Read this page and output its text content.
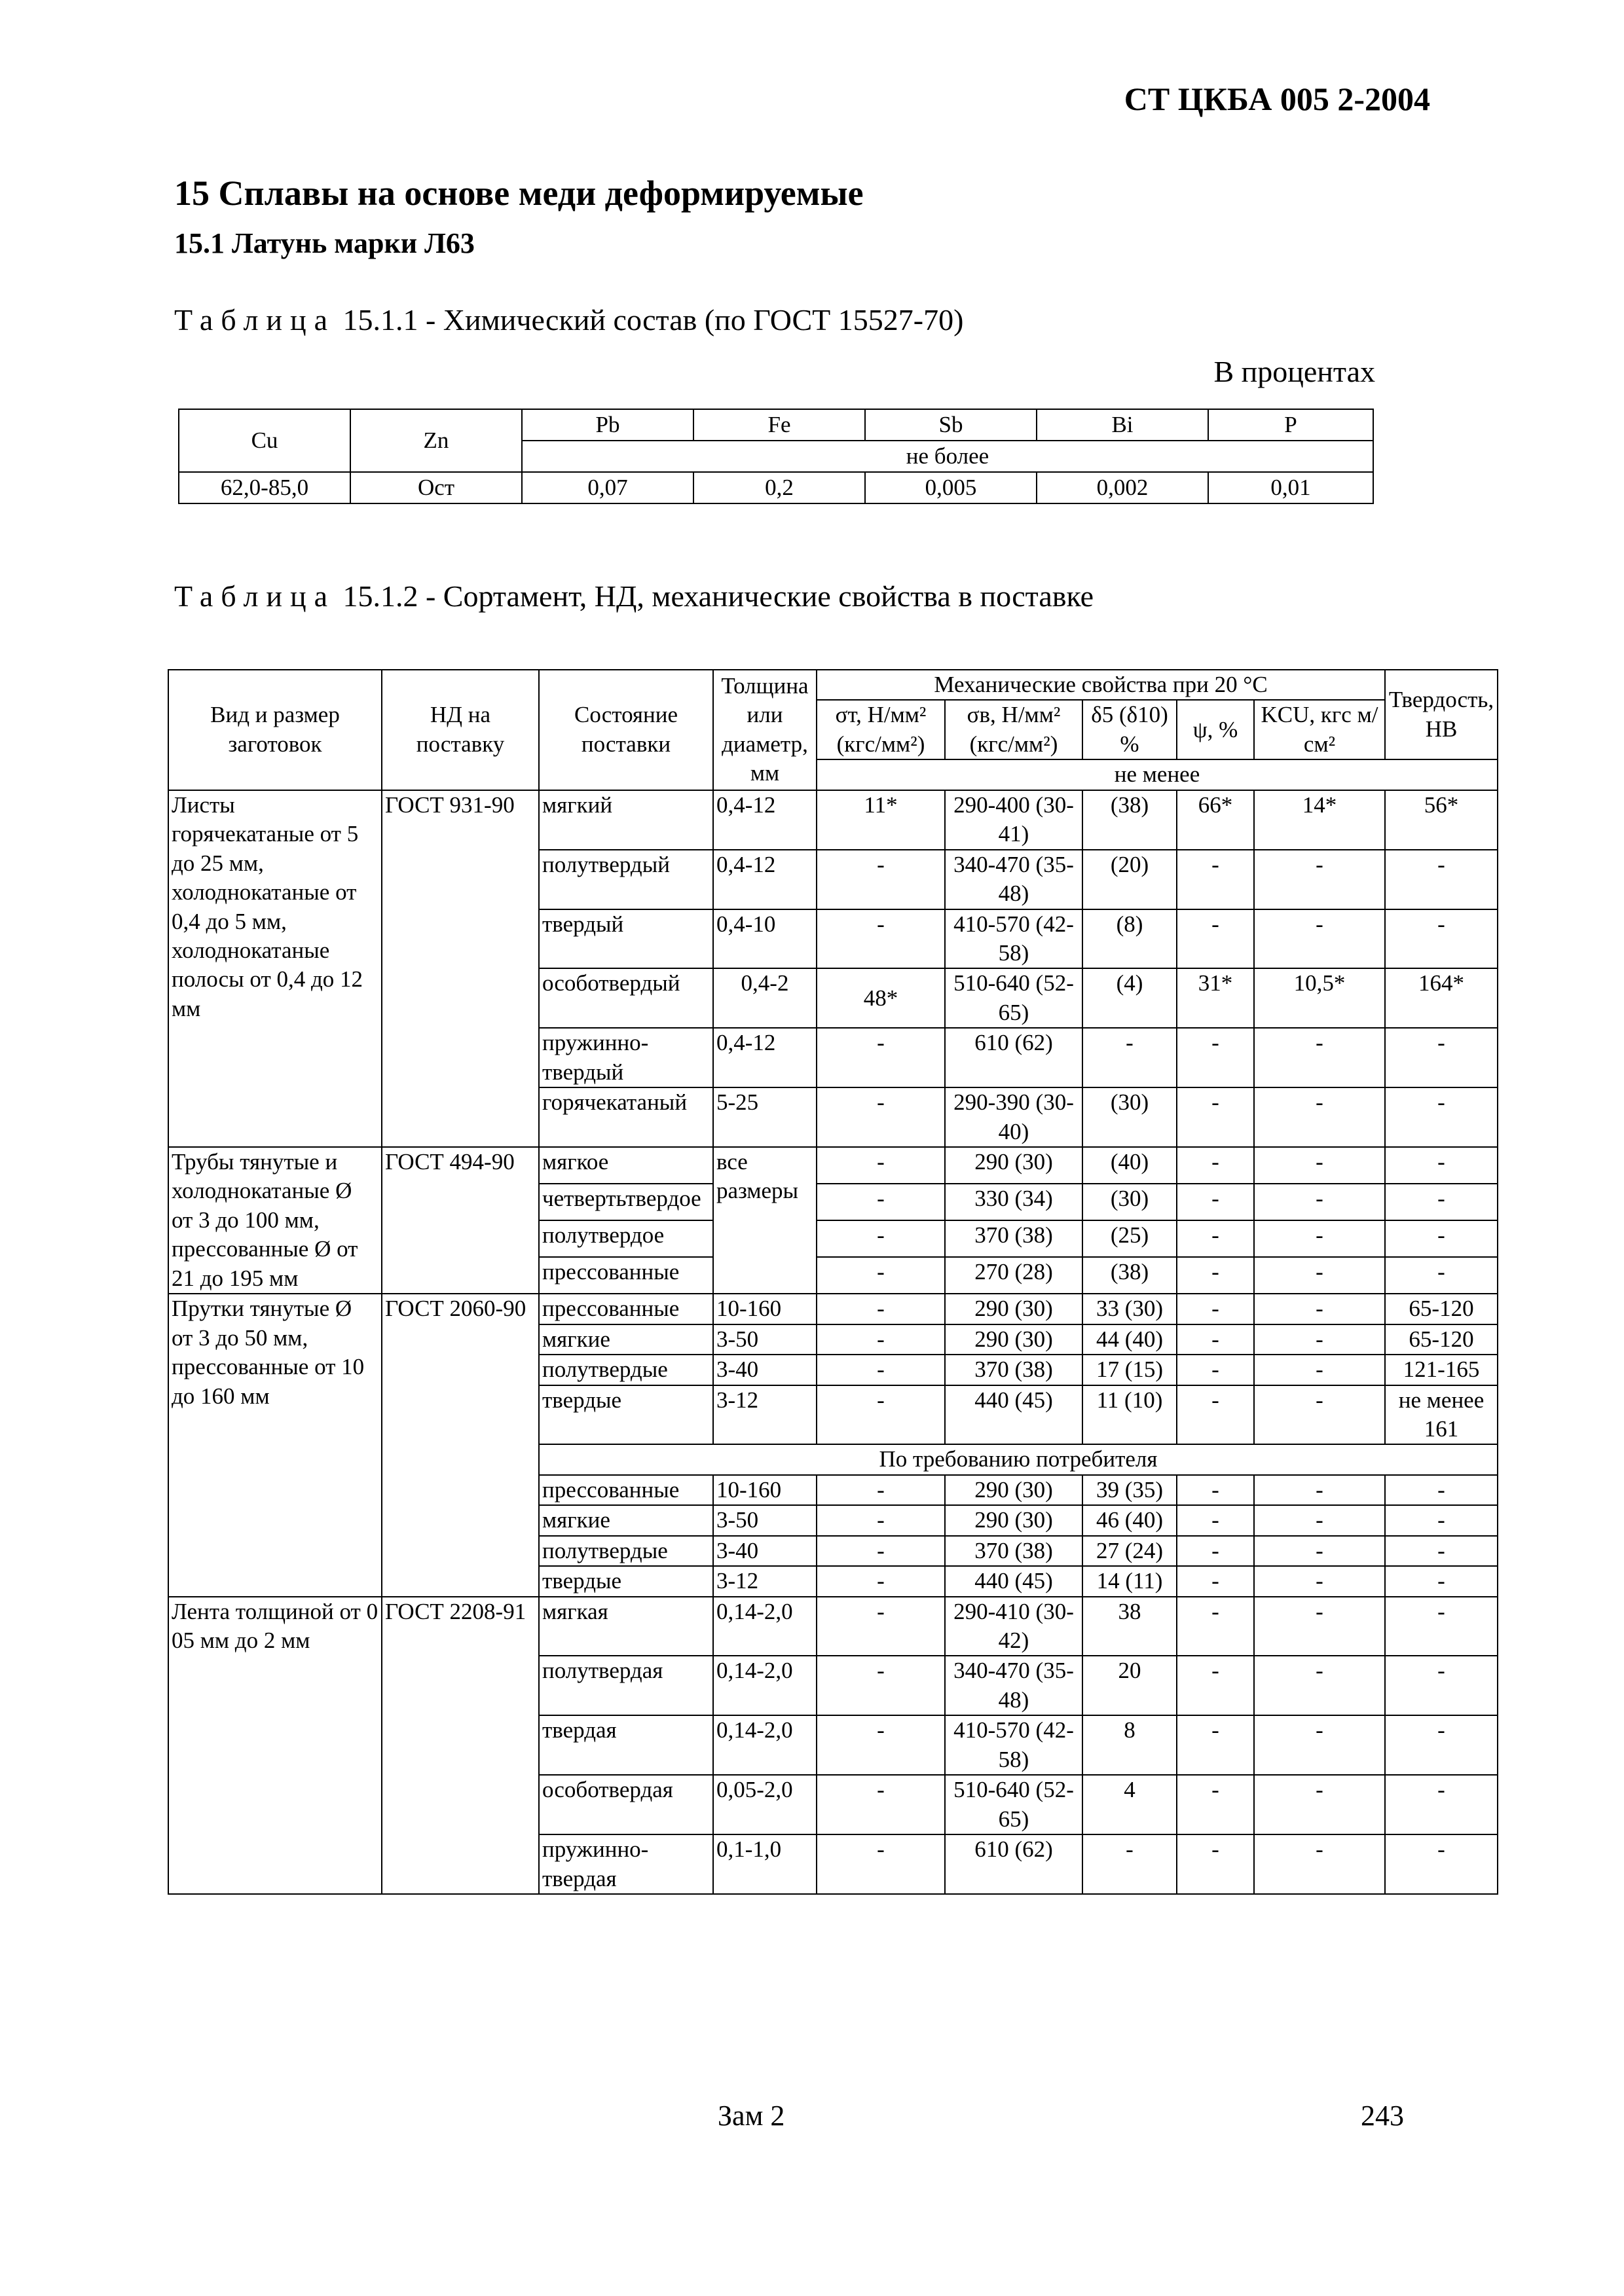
СТ ЦКБА 005 2-2004
15 Сплавы на основе меди деформируемые
15.1 Латунь марки Л63
Таблица 15.1.1 - Химический состав (по ГОСТ 15527-70)
В процентах
Cu	Zn	Pb	Fe	Sb	Bi	P
		не более				
62,0-85,0	Ост	0,07	0,2	0,005	0,002	0,01
Таблица 15.1.2 - Сортамент, НД, механические свойства в поставке
Вид и размер заготовок	НД на поставку	Состояние поставки	Толщина или диаметр, мм	Механические свойства при 20 °С					Твердость, НВ
				σт, Н/мм² (кгс/мм²)	σв, Н/мм² (кгс/мм²)	δ5 (δ10) %	ψ, %	KCU, кгс м/см²	
				не менее					
Листы горячекатаные от 5 до 25 мм, холоднокатаные от 0,4 до 5 мм, холоднокатаные полосы от 0,4 до 12 мм	ГОСТ 931-90	мягкий	0,4-12	11*	290-400 (30-41)	(38)	66*	14*	56*
		полутвердый	0,4-12	-	340-470 (35-48)	(20)	-	-	-
		твердый	0,4-10	-	410-570 (42-58)	(8)	-	-	-
		особотвердый	0,4-2	48*	510-640 (52-65)	(4)	31*	10,5*	164*
		пружинно-твердый	0,4-12	-	610 (62)	-	-	-	-
		горячекатаный	5-25	-	290-390 (30-40)	(30)	-	-	-
Трубы тянутые и холоднокатаные Ø от 3 до 100 мм, прессованные Ø от 21 до 195 мм	ГОСТ 494-90	мягкое	все размеры	-	290 (30)	(40)	-	-	-
		четвертьтвердое		-	330 (34)	(30)	-	-	-
		полутвердое		-	370 (38)	(25)	-	-	-
		прессованные		-	270 (28)	(38)	-	-	-
Прутки тянутые Ø от 3 до 50 мм, прессованные от 10 до 160 мм	ГОСТ 2060-90	прессованные	10-160	-	290 (30)	33 (30)	-	-	65-120
		мягкие	3-50	-	290 (30)	44 (40)	-	-	65-120
		полутвердые	3-40	-	370 (38)	17 (15)	-	-	121-165
		твердые	3-12	-	440 (45)	11 (10)	-	-	не менее 161
		По требованию потребителя							
		прессованные	10-160	-	290 (30)	39 (35)	-	-	-
		мягкие	3-50	-	290 (30)	46 (40)	-	-	-
		полутвердые	3-40	-	370 (38)	27 (24)	-	-	-
		твердые	3-12	-	440 (45)	14 (11)	-	-	-
Лента толщиной от 0 05 мм до 2 мм	ГОСТ 2208-91	мягкая	0,14-2,0	-	290-410 (30-42)	38	-	-	-
		полутвердая	0,14-2,0	-	340-470 (35-48)	20	-	-	-
		твердая	0,14-2,0	-	410-570 (42-58)	8	-	-	-
		особотвердая	0,05-2,0	-	510-640 (52-65)	4	-	-	-
		пружинно-твердая	0,1-1,0	-	610 (62)	-	-	-	-
Зам 2	243
